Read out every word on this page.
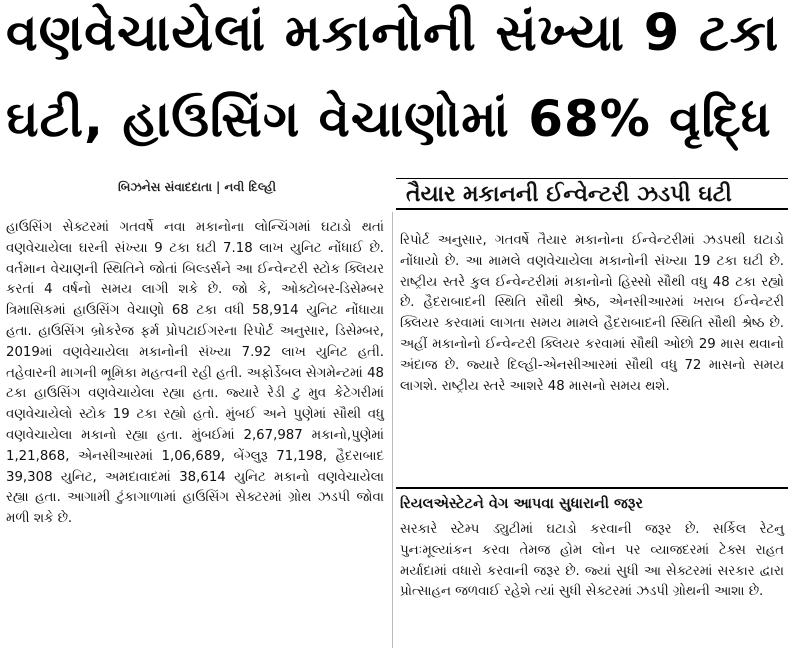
વણવેચાયેલાં મકાનોની સંખ્યા 9 ટકા
ઘટી, હાઉસિંગ વેચાણોમાં 68% વૃદ્ધિ
બિઝનેસ સંવાદદાતા | નવી દિલ્હી	તૈયાર મકાનની ઈન્વેન્ટરી ઝડપી ઘટી
હાઉસિંગ સેક્ટરમાં ગતવર્ષે નવા મકાનોના લોન્ચિંગમાં ઘટાડો થતાં વણવેચાયેલા ઘરની સંખ્યા 9 ટકા ઘટી 7.18 લાખ યુનિટ નોંધાઈ છે. વર્તમાન વેચાણની સ્થિતિને જોતાં બિલ્ડર્સને આ ઈન્વેન્ટરી સ્ટોક ક્લિયર કરતાં 4 વર્ષનો સમય લાગી શકે છે. જો કે, ઓક્ટોબર-ડિસેમ્બર ત્રિમાસિકમાં હાઉસિંગ વેચાણો 68 ટકા વધી 58,914 યુનિટ નોંધાયા હતા. હાઉસિંગ બ્રોકરેજ ફર્મ પ્રોપટાઈગરના રિપોર્ટ અનુસાર, ડિસેમ્બર, 2019માં વણવેચાયેલા મકાનોની સંખ્યા 7.92 લાખ યુનિટ હતી. તહેવારની માગની ભૂમિકા મહત્વની રહી હતી. અફોર્ડેબલ સેગમેન્ટમાં 48 ટકા હાઉસિંગ વણવેચાયેલા રહ્યા હતા. જ્યારે રેડી ટુ મુવ કેટેગરીમાં વણવેચાયેલો સ્ટોક 19 ટકા રહ્યો હતો. મુંબઈ અને પુણેમાં સૌથી વધુ વણવેચાયેલા મકાનો રહ્યા હતા. મુંબઈમાં 2,67,987 મકાનો,પુણેમાં 1,21,868, એનસીઆરમાં 1,06,689, બેંગ્લુરૂ 71,198, હૈદરાબાદ 39,308 યુનિટ, અમદાવાદમાં 38,614 યુનિટ મકાનો વણવેચાયેલા રહ્યા હતા. આગામી ટુંકાગાળામાં હાઉસિંગ સેક્ટરમાં ગ્રોથ ઝડપી જોવા મળી શકે છે.
રિપોર્ટ અનુસાર, ગતવર્ષે તૈયાર મકાનોના ઈન્વેન્ટરીમાં ઝડપથી ઘટાડો નોંધાયો છે. આ મામલે વણવેચાયેલા મકાનોની સંખ્યા 19 ટકા ઘટી છે. રાષ્ટ્રીય સ્તરે કુલ ઈન્વેન્ટરીમાં મકાનોનો હિસ્સો સૌથી વધુ 48 ટકા રહ્યો છે. હૈદરાબાદની સ્થિતિ સૌથી શ્રેષ્ઠ, એનસીઆરમાં ખરાબ ઈન્વેન્ટરી ક્લિયર કરવામાં લાગતા સમય મામલે હૈદરાબાદની સ્થિતિ સૌથી શ્રેષ્ઠ છે. અહીં મકાનોનો ઈન્વેન્ટરી ક્લિયર કરવામાં સૌથી ઓછો 29 માસ થવાનો અંદાજ છે. જ્યારે દિલ્હી-એનસીઆરમાં સૌથી વધુ 72 માસનો સમય લાગશે. રાષ્ટ્રીય સ્તરે આશરે 48 માસનો સમય થશે.
રિયલએસ્ટેટને વેગ આપવા સુધારાની જરૂર
સરકારે સ્ટેમ્પ ડ્યુટીમાં ઘટાડો કરવાની જરૂર છે. સર્કિલ રેટનુ પુનઃમૂલ્યાંકન કરવા તેમજ હોમ લોન પર વ્યાજદરમાં ટેક્સ રાહત મર્યાદામાં વધારો કરવાની જરૂર છે. જ્યાં સુધી આ સેક્ટરમાં સરકાર દ્વારા પ્રોત્સાહન જળવાઈ રહેશે ત્યાં સુધી સેક્ટરમાં ઝડપી ગ્રોથની આશા છે.
